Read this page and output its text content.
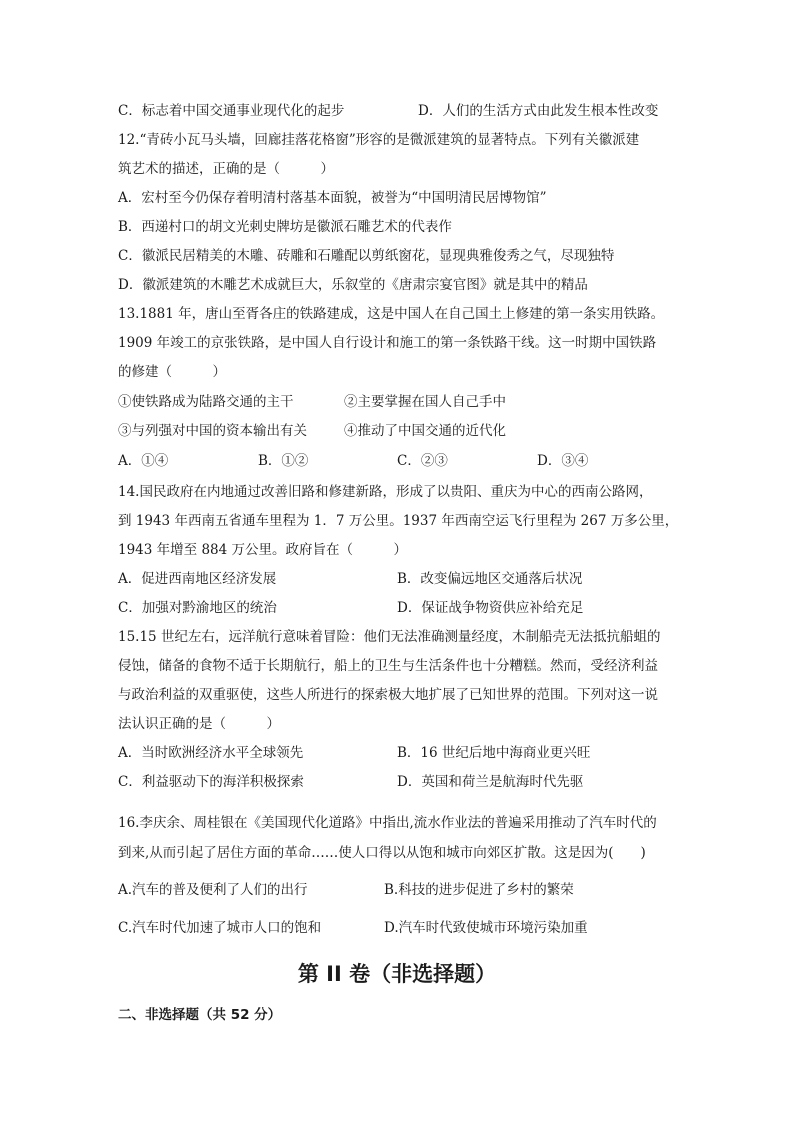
C．标志着中国交通事业现代化的起步	D．人们的生活方式由此发生根本性改变
12.“青砖小瓦马头墙，回廊挂落花格窗”形容的是微派建筑的显著特点。下列有关徽派建
筑艺术的描述，正确的是（　　　）
A．宏村至今仍保存着明清村落基本面貌，被誉为“中国明清民居博物馆”
B．西递村口的胡文光刺史牌坊是徽派石雕艺术的代表作
C．徽派民居精美的木雕、砖雕和石雕配以剪纸窗花，显现典雅俊秀之气，尽现独特
D．徽派建筑的木雕艺术成就巨大，乐叙堂的《唐肃宗宴官图》就是其中的精品
13.1881 年，唐山至胥各庄的铁路建成，这是中国人在自己国土上修建的第一条实用铁路。
1909 年竣工的京张铁路，是中国人自行设计和施工的第一条铁路干线。这一时期中国铁路
的修建（　　　）
①使铁路成为陆路交通的主干	②主要掌握在国人自己手中
③与列强对中国的资本输出有关	④推动了中国交通的近代化
A．①④	B．①②	C．②③	D．③④
14.国民政府在内地通过改善旧路和修建新路，形成了以贵阳、重庆为中心的西南公路网，
到 1943 年西南五省通车里程为 1．7 万公里。1937 年西南空运飞行里程为 267 万多公里，
1943 年增至 884 万公里。政府旨在（　　　）
A．促进西南地区经济发展	B．改变偏远地区交通落后状况
C．加强对黔渝地区的统治	D．保证战争物资供应补给充足
15.15 世纪左右，远洋航行意味着冒险：他们无法准确测量经度，木制船壳无法抵抗船蛆的
侵蚀，储备的食物不适于长期航行，船上的卫生与生活条件也十分糟糕。然而，受经济利益
与政治利益的双重驱使，这些人所进行的探索极大地扩展了已知世界的范围。下列对这一说
法认识正确的是（　　　）
A．当时欧洲经济水平全球领先	B．16 世纪后地中海商业更兴旺
C．利益驱动下的海洋积极探索	D．英国和荷兰是航海时代先驱
16.李庆余、周桂银在《美国现代化道路》中指出,流水作业法的普遍采用推动了汽车时代的
到来,从而引起了居住方面的革命……使人口得以从饱和城市向郊区扩散。这是因为(　　)
A.汽车的普及便利了人们的出行	B.科技的进步促进了乡村的繁荣
C.汽车时代加速了城市人口的饱和	D.汽车时代致使城市环境污染加重
第 II 卷（非选择题）
二、非选择题（共 52 分）
